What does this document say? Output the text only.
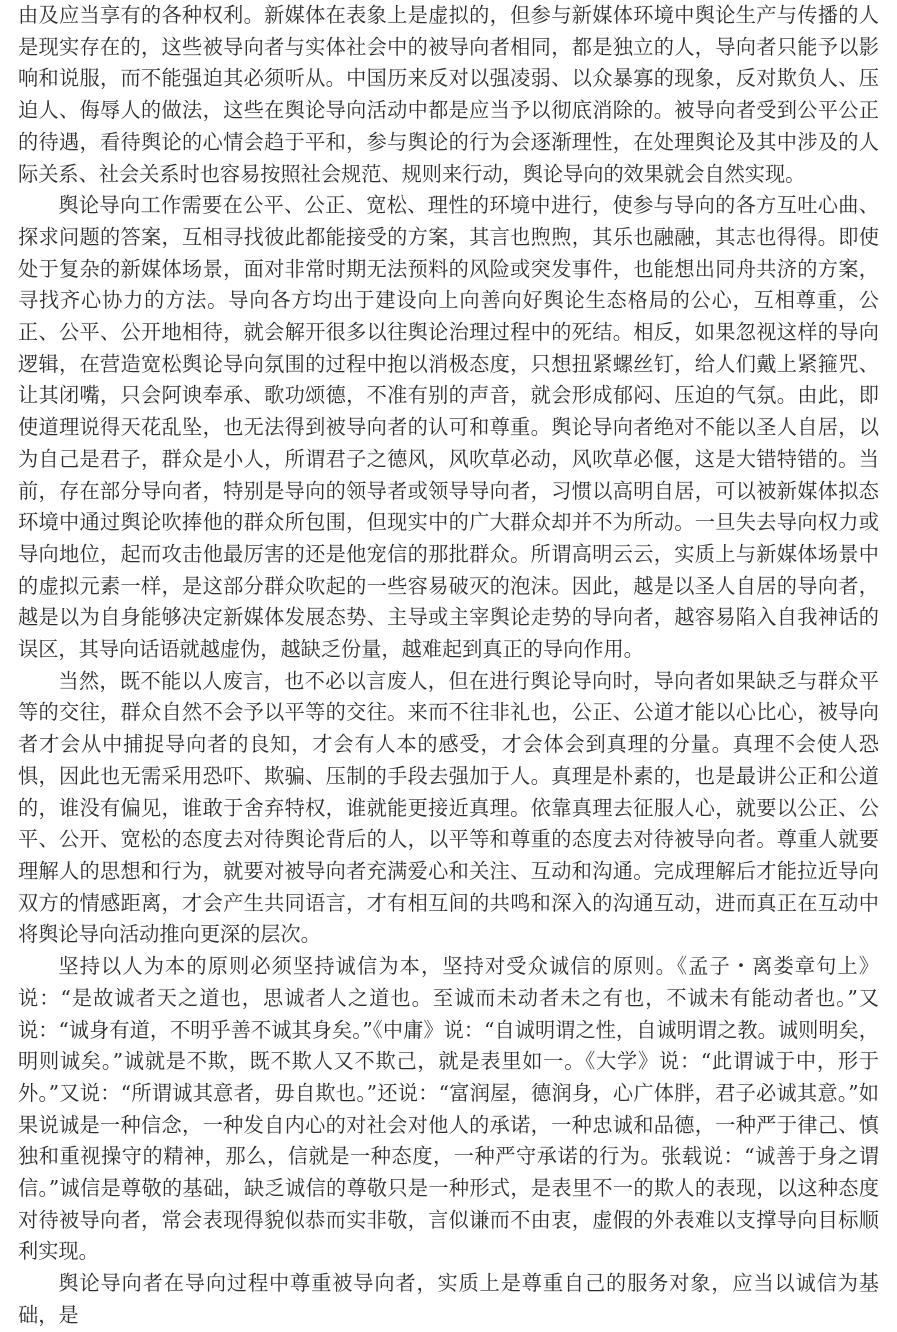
由及应当享有的各种权利。新媒体在表象上是虚拟的，但参与新媒体环境中舆论生产与传播的人是现实存在的，这些被导向者与实体社会中的被导向者相同，都是独立的人，导向者只能予以影响和说服，而不能强迫其必须听从。中国历来反对以强凌弱、以众暴寡的现象，反对欺负人、压迫人、侮辱人的做法，这些在舆论导向活动中都是应当予以彻底消除的。被导向者受到公平公正的待遇，看待舆论的心情会趋于平和，参与舆论的行为会逐渐理性，在处理舆论及其中涉及的人际关系、社会关系时也容易按照社会规范、规则来行动，舆论导向的效果就会自然实现。

舆论导向工作需要在公平、公正、宽松、理性的环境中进行，使参与导向的各方互吐心曲、探求问题的答案，互相寻找彼此都能接受的方案，其言也煦煦，其乐也融融，其志也得得。即使处于复杂的新媒体场景，面对非常时期无法预料的风险或突发事件，也能想出同舟共济的方案，寻找齐心协力的方法。导向各方均出于建设向上向善向好舆论生态格局的公心，互相尊重，公正、公平、公开地相待，就会解开很多以往舆论治理过程中的死结。相反，如果忽视这样的导向逻辑，在营造宽松舆论导向氛围的过程中抱以消极态度，只想扭紧螺丝钉，给人们戴上紧箍咒、让其闭嘴，只会阿谀奉承、歌功颂德，不准有别的声音，就会形成郁闷、压迫的气氛。由此，即使道理说得天花乱坠，也无法得到被导向者的认可和尊重。舆论导向者绝对不能以圣人自居，以为自己是君子，群众是小人，所谓君子之德风，风吹草必动，风吹草必偃，这是大错特错的。当前，存在部分导向者，特别是导向的领导者或领导导向者，习惯以高明自居，可以被新媒体拟态环境中通过舆论吹捧他的群众所包围，但现实中的广大群众却并不为所动。一旦失去导向权力或导向地位，起而攻击他最厉害的还是他宠信的那批群众。所谓高明云云，实质上与新媒体场景中的虚拟元素一样，是这部分群众吹起的一些容易破灭的泡沫。因此，越是以圣人自居的导向者，越是以为自身能够决定新媒体发展态势、主导或主宰舆论走势的导向者，越容易陷入自我神话的误区，其导向话语就越虚伪，越缺乏份量，越难起到真正的导向作用。

当然，既不能以人废言，也不必以言废人，但在进行舆论导向时，导向者如果缺乏与群众平等的交往，群众自然不会予以平等的交往。来而不往非礼也，公正、公道才能以心比心，被导向者才会从中捕捉导向者的良知，才会有人本的感受，才会体会到真理的分量。真理不会使人恐惧，因此也无需采用恐吓、欺骗、压制的手段去强加于人。真理是朴素的，也是最讲公正和公道的，谁没有偏见，谁敢于舍弃特权，谁就能更接近真理。依靠真理去征服人心，就要以公正、公平、公开、宽松的态度去对待舆论背后的人，以平等和尊重的态度去对待被导向者。尊重人就要理解人的思想和行为，就要对被导向者充满爱心和关注、互动和沟通。完成理解后才能拉近导向双方的情感距离，才会产生共同语言，才有相互间的共鸣和深入的沟通互动，进而真正在互动中将舆论导向活动推向更深的层次。

坚持以人为本的原则必须坚持诚信为本，坚持对受众诚信的原则。《孟子・离娄章句上》说：“是故诚者天之道也，思诚者人之道也。至诚而未动者未之有也，不诚未有能动者也。”又说：“诚身有道，不明乎善不诚其身矣。”《中庸》说：“自诚明谓之性，自诚明谓之教。诚则明矣，明则诚矣。”诚就是不欺，既不欺人又不欺己，就是表里如一。《大学》说：“此谓诚于中，形于外。”又说：“所谓诚其意者，毋自欺也。”还说：“富润屋，德润身，心广体胖，君子必诚其意。”如果说诚是一种信念，一种发自内心的对社会对他人的承诺，一种忠诚和品德，一种严于律己、慎独和重视操守的精神，那么，信就是一种态度，一种严守承诺的行为。张载说：“诚善于身之谓信。”诚信是尊敬的基础，缺乏诚信的尊敬只是一种形式，是表里不一的欺人的表现，以这种态度对待被导向者，常会表现得貌似恭而实非敬，言似谦而不由衷，虚假的外表难以支撑导向目标顺利实现。

舆论导向者在导向过程中尊重被导向者，实质上是尊重自己的服务对象，应当以诚信为基础，是
